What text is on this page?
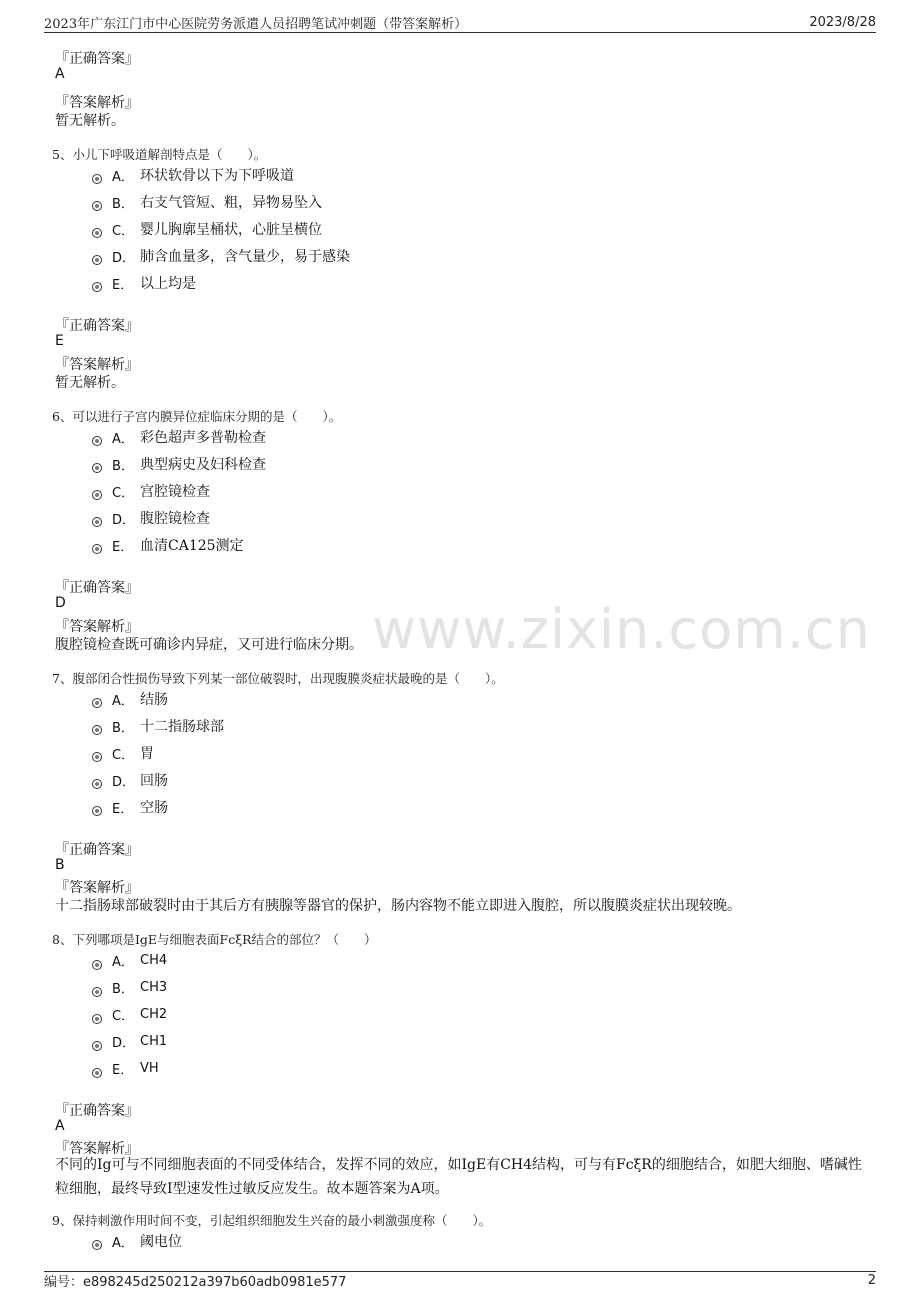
2023年广东江门市中心医院劳务派遣人员招聘笔试冲刺题（带答案解析）	2023/8/28
www.zixin.com.cn
『正确答案』
A
『答案解析』
暂无解析。
5、小儿下呼吸道解剖特点是（　　）。
A． 环状软骨以下为下呼吸道
B． 右支气管短、粗，异物易坠入
C． 婴儿胸廓呈桶状，心脏呈横位
D． 肺含血量多，含气量少，易于感染
E． 以上均是
『正确答案』
E
『答案解析』
暂无解析。
6、可以进行子宫内膜异位症临床分期的是（　　）。
A． 彩色超声多普勒检查
B． 典型病史及妇科检查
C． 宫腔镜检查
D． 腹腔镜检查
E． 血清CA125测定
『正确答案』
D
『答案解析』
腹腔镜检查既可确诊内异症，又可进行临床分期。
7、腹部闭合性损伤导致下列某一部位破裂时，出现腹膜炎症状最晚的是（　　）。
A． 结肠
B． 十二指肠球部
C． 胃
D． 回肠
E． 空肠
『正确答案』
B
『答案解析』
十二指肠球部破裂时由于其后方有胰腺等器官的保护，肠内容物不能立即进入腹腔，所以腹膜炎症状出现较晚。
8、下列哪项是IgE与细胞表面FcξR结合的部位？（　　）
A． CH4
B． CH3
C． CH2
D． CH1
E． VH
『正确答案』
A
『答案解析』
不同的Ig可与不同细胞表面的不同受体结合，发挥不同的效应，如IgE有CH4结构，可与有FcξR的细胞结合，如肥大细胞、嗜碱性粒细胞，最终导致I型速发性过敏反应发生。故本题答案为A项。
9、保持刺激作用时间不变，引起组织细胞发生兴奋的最小刺激强度称（　　）。
A． 阈电位
编号：e898245d250212a397b60adb0981e577	2
